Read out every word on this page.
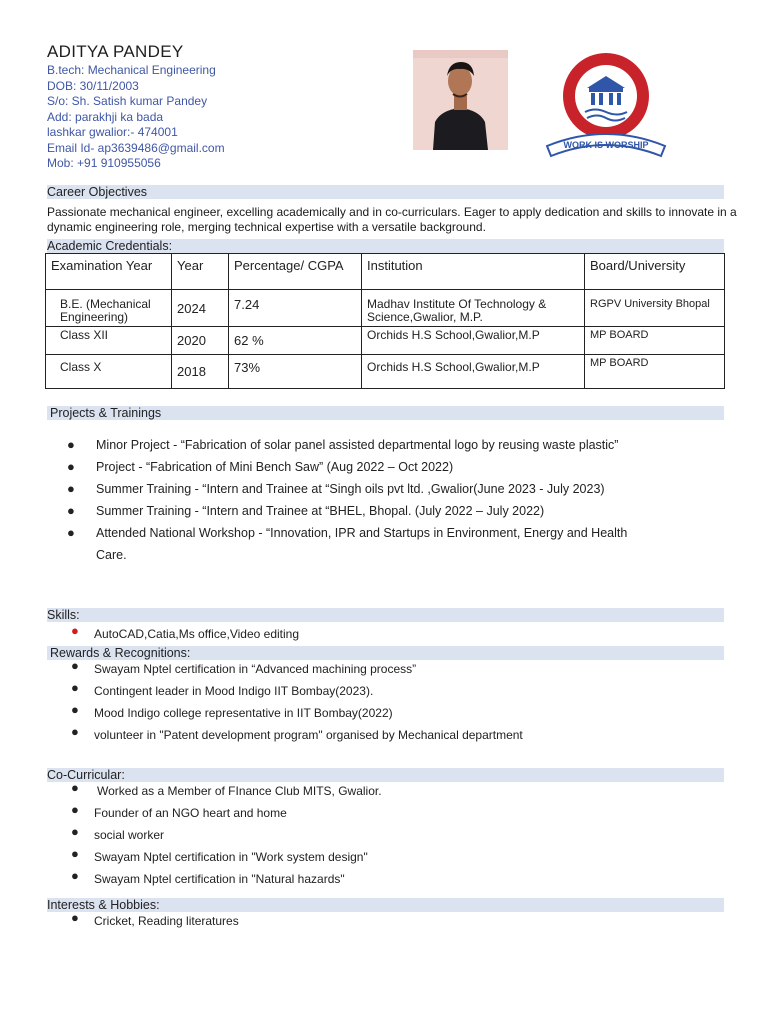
ADITYA PANDEY
B.tech: Mechanical Engineering
DOB: 30/11/2003
S/o: Sh. Satish kumar Pandey
Add: parakhji ka bada
lashkar gwalior:- 474001
Email Id- ap3639486@gmail.com
Mob: +91 910955056
WORK IS WORSHIP
Career Objectives
Passionate mechanical engineer, excelling academically and in co-curriculars. Eager to apply dedication and skills to innovate in a dynamic engineering role, merging technical expertise with a versatile background.
Academic Credentials:
Examination Year	Year	Percentage/ CGPA	Institution	Board/University
B.E. (Mechanical Engineering)	2024	7.24	Madhav Institute Of Technology & Science,Gwalior, M.P.	RGPV University Bhopal
Class XII	2020	62 %	Orchids H.S School,Gwalior,M.P	MP BOARD
Class X	2018	73%	Orchids H.S School,Gwalior,M.P	MP BOARD
Projects & Trainings
● Minor Project - “Fabrication of solar panel assisted departmental logo by reusing waste plastic”
● Project - “Fabrication of Mini Bench Saw” (Aug 2022 – Oct 2022)
● Summer Training - “Intern and Trainee at “Singh oils pvt ltd. ,Gwalior(June 2023 - July 2023)
● Summer Training - “Intern and Trainee at “BHEL, Bhopal. (July 2022 – July 2022)
● Attended National Workshop - “Innovation, IPR and Startups in Environment, Energy and Health
Care.
Skills:
● AutoCAD,Catia,Ms office,Video editing
Rewards & Recognitions:
● Swayam Nptel certification in “Advanced machining process”
● Contingent leader in Mood Indigo IIT Bombay(2023).
● Mood Indigo college representative in IIT Bombay(2022)
● volunteer in "Patent development program" organised by Mechanical department
Co-Curricular:
● Worked as a Member of FInance Club MITS, Gwalior.
● Founder of an NGO heart and home
● social worker
● Swayam Nptel certification in "Work system design"
● Swayam Nptel certification in "Natural hazards"
Interests & Hobbies:
● Cricket, Reading literatures
